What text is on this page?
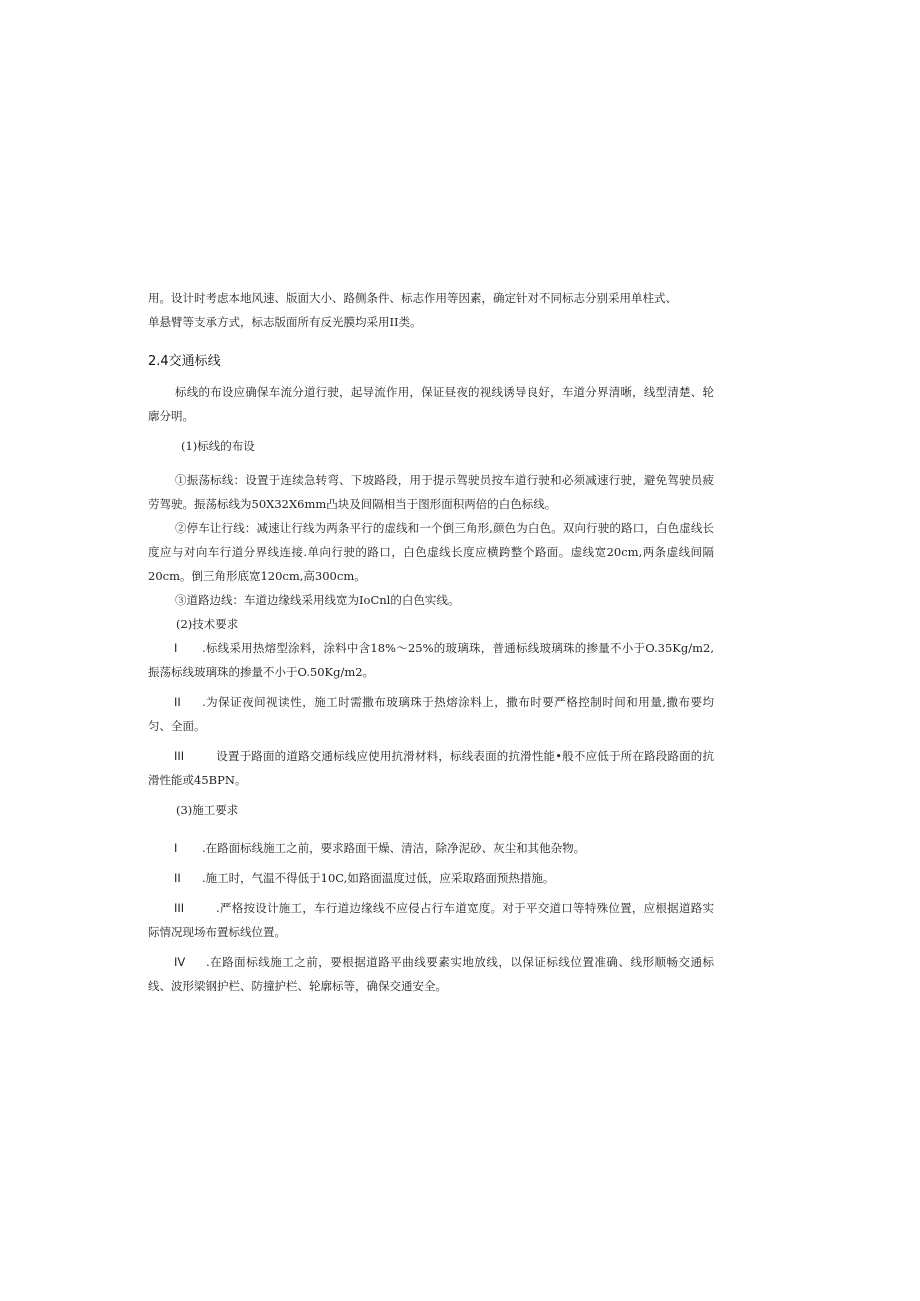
用。设计时考虑本地风速、版面大小、路侧条件、标志作用等因素，确定针对不同标志分别采用单柱式、

单悬臂等支承方式，标志版面所有反光膜均采用II类。

2.4交通标线

标线的布设应确保车流分道行驶，起导流作用，保证昼夜的视线诱导良好，车道分界清晰，线型清楚、轮廓分明。

(1)标线的布设

①振荡标线：设置于连续急转弯、下坡路段，用于提示驾驶员按车道行驶和必须减速行驶，避免驾驶员疲劳驾驶。振荡标线为50X32X6mm凸块及间隔相当于图形面积两倍的白色标线。

②停车让行线：减速让行线为两条平行的虚线和一个倒三角形,颜色为白色。双向行驶的路口，白色虚线长度应与对向车行道分界线连接.单向行驶的路口，白色虚线长度应横跨整个路面。虚线宽20cm,两条虚线间隔20cm。倒三角形底宽120cm,高300cm。

③道路边线：车道边缘线采用线宽为IoCnl的白色实线。

(2)技术要求

I .标线采用热熔型涂料，涂料中含18%～25%的玻璃珠，普通标线玻璃珠的掺量不小于O.35Kg∕m2,振荡标线玻璃珠的掺量不小于O.50Kg∕m2。

II .为保证夜间视读性，施工时需撒布玻璃珠于热熔涂料上，撒布时要严格控制时间和用量,撒布要均匀、全面。

III	设置于路面的道路交通标线应使用抗滑材料，标线表面的抗滑性能•般不应低于所在路段路面的抗滑性能或45BPN。

(3)施工要求

I .在路面标线施工之前，要求路面干燥、清洁，除净泥砂、灰尘和其他杂物。

II .施工时，气温不得低于10C,如路面温度过低，应采取路面预热措施。

III	.严格按设计施工，车行道边缘线不应侵占行车道宽度。对于平交道口等特殊位置，应根据道路实际情况现场布置标线位置。

IV .在路面标线施工之前，要根据道路平曲线要素实地放线，以保证标线位置准确、线形顺畅交通标线、波形梁钢护栏、防撞护栏、轮廓标等，确保交通安全。
